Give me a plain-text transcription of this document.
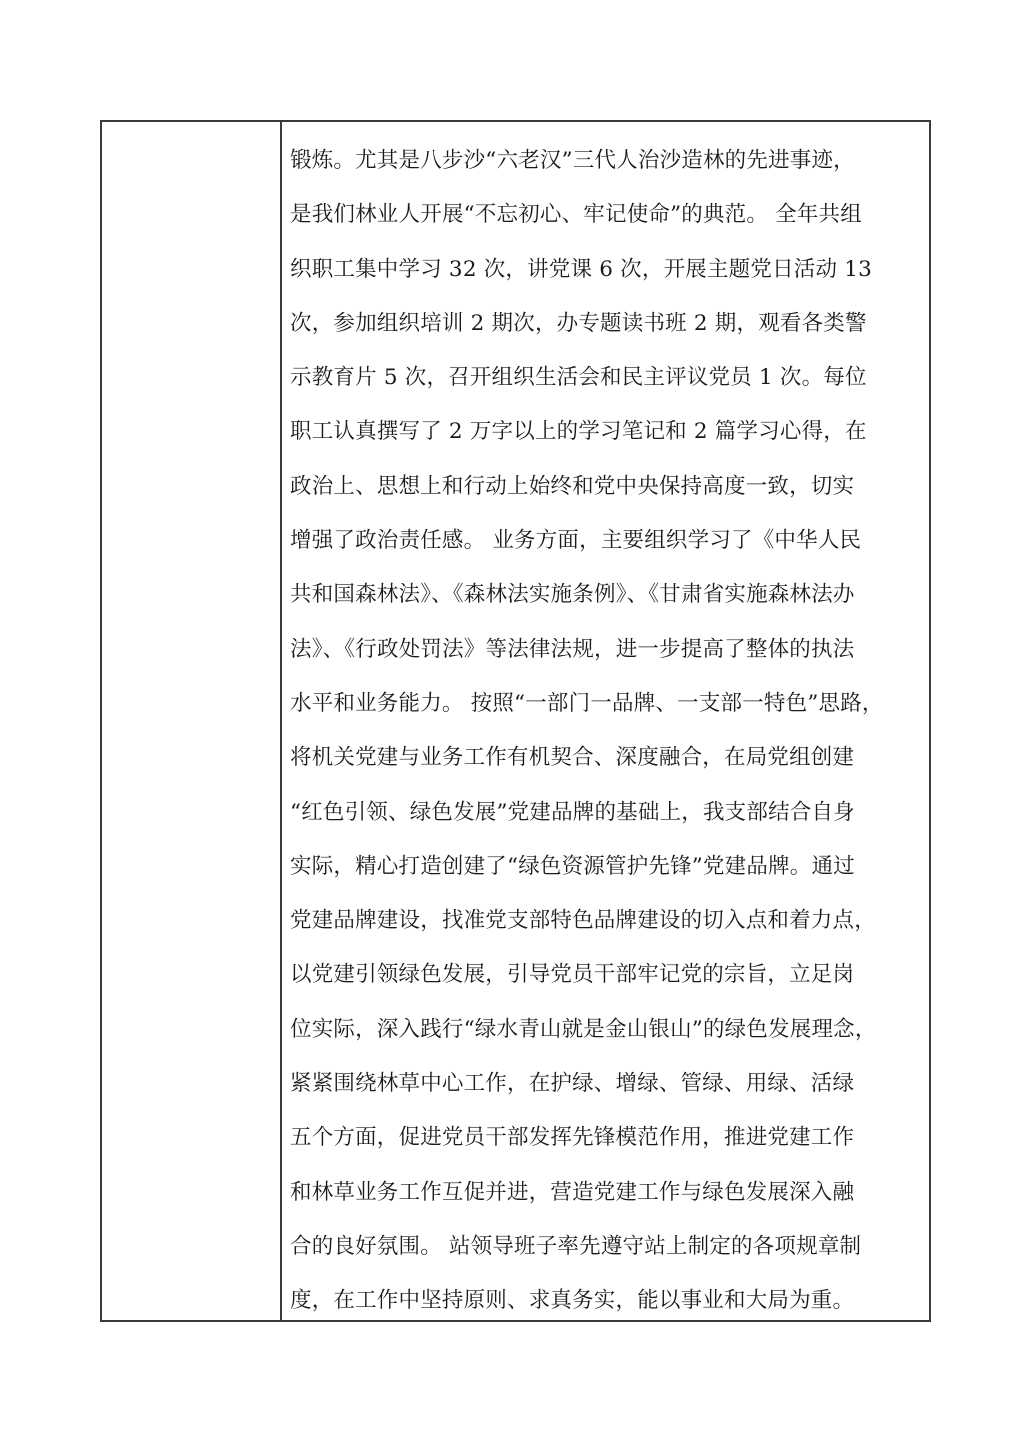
锻炼。尤其是八步沙“六老汉”三代人治沙造林的先进事迹，
是我们林业人开展“不忘初心、牢记使命”的典范。 全年共组
织职工集中学习 32 次，讲党课 6 次，开展主题党日活动 13
次，参加组织培训 2 期次，办专题读书班 2 期，观看各类警
示教育片 5 次，召开组织生活会和民主评议党员 1 次。每位
职工认真撰写了 2 万字以上的学习笔记和 2 篇学习心得，在
政治上、思想上和行动上始终和党中央保持高度一致，切实
增强了政治责任感。 业务方面，主要组织学习了《中华人民
共和国森林法》、《森林法实施条例》、《甘肃省实施森林法办
法》、《行政处罚法》等法律法规，进一步提高了整体的执法
水平和业务能力。 按照“一部门一品牌、一支部一特色”思路，
将机关党建与业务工作有机契合、深度融合，在局党组创建
“红色引领、绿色发展”党建品牌的基础上，我支部结合自身
实际，精心打造创建了“绿色资源管护先锋”党建品牌。通过
党建品牌建设，找准党支部特色品牌建设的切入点和着力点，
以党建引领绿色发展，引导党员干部牢记党的宗旨，立足岗
位实际，深入践行“绿水青山就是金山银山”的绿色发展理念，
紧紧围绕林草中心工作，在护绿、增绿、管绿、用绿、活绿
五个方面，促进党员干部发挥先锋模范作用，推进党建工作
和林草业务工作互促并进，营造党建工作与绿色发展深入融
合的良好氛围。 站领导班子率先遵守站上制定的各项规章制
度，在工作中坚持原则、求真务实，能以事业和大局为重。
